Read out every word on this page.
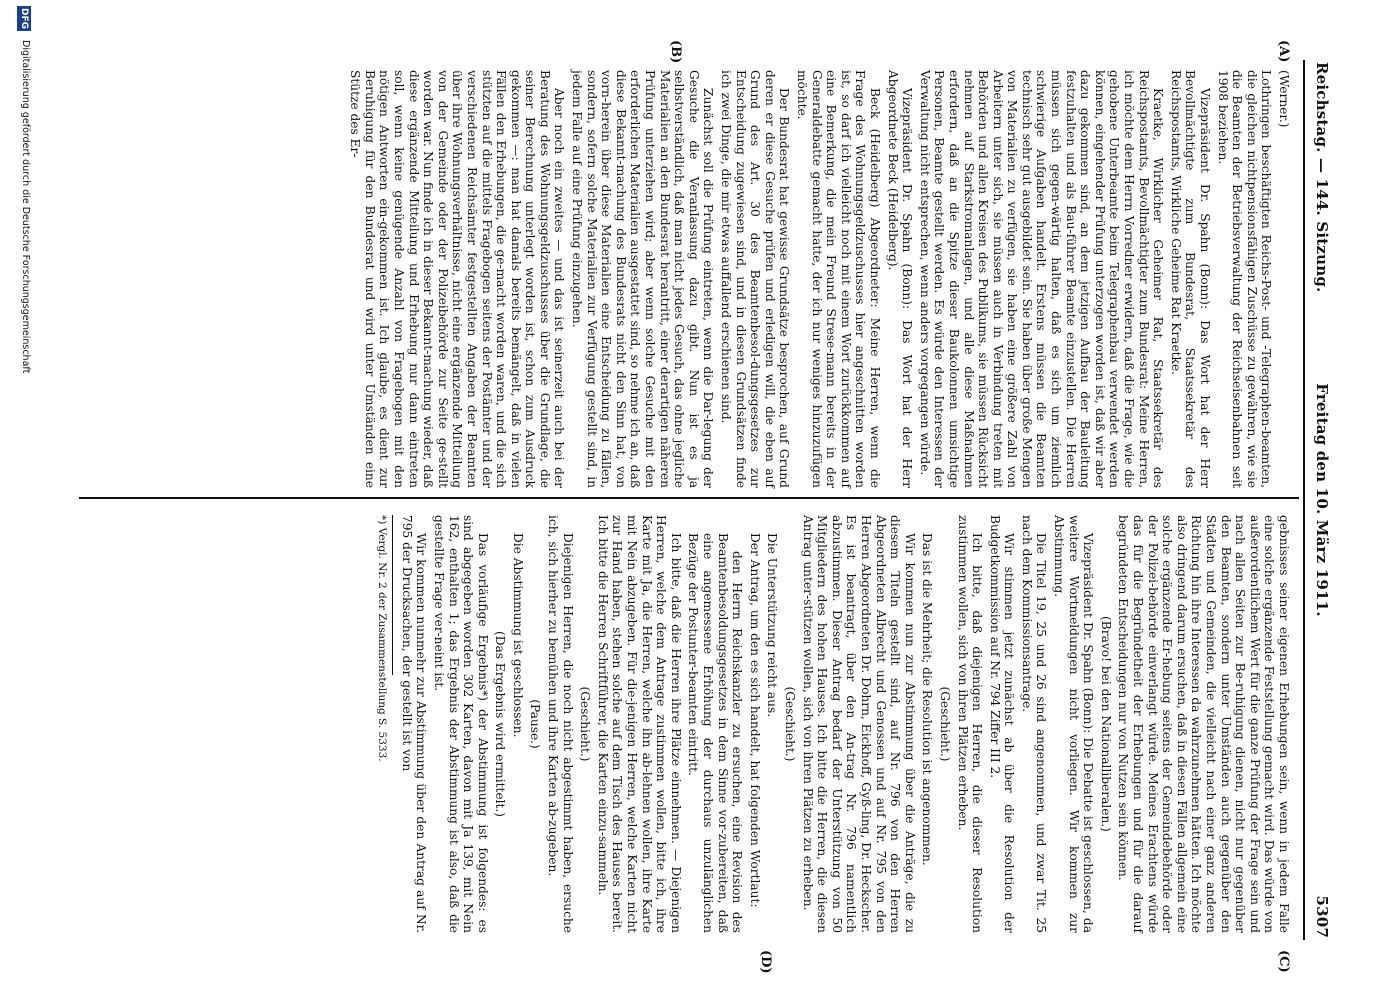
Reichstag. — 144. Sitzung.
Freitag den 10. März 1911.
5307
(A)
(B)
(C)
(D)

(Werner.)

Lothringen beschäftigten Reichs-Post- und -Telegraphen-beamten, die gleichen nichtpensionsfähigen Zuschüsse zu gewähren, wie sie die Beamten der Betriebsverwaltung der Reichseisenbahnen seit 1908 beziehen.

Vizepräsident Dr. Spahn (Bonn): Das Wort hat der Herr Bevollmächtigte zum Bundesrat, Staatssekretär des Reichspostamts, Wirkliche Geheime Rat Kraetke.

Kraetke, Wirklicher Geheimer Rat, Staatssekretär des Reichspostamts, Bevollmächtigter zum Bundesrat: Meine Herren, ich möchte dem Herrn Vorredner erwidern, daß die Frage, wie die gehobene Unterbeamte beim Telegraphenbau verwendet werden können, eingehender Prüfung unterzogen worden ist, daß wir aber dazu gekommen sind, an dem jetzigen Aufbau der Bauleitung festzuhalten und als Bau-führer Beamte einzustellen. Die Herren müssen sich gegen-wärtig halten, daß es sich um ziemlich schwierige Aufgaben handelt. Erstens müssen die Beamten technisch sehr gut ausgebildet sein. Sie haben über große Mengen von Materialien zu verfügen, sie haben eine größere Zahl von Arbeitern unter sich, sie müssen auch in Verbindung treten mit Behörden und allen Kreisen des Publikums, sie müssen Rücksicht nehmen auf Starkstromanlagen, und alle diese Maßnahmen erfordern, daß an die Spitze dieser Baukolonnen umsichtige Personen, Beamte gestellt werden. Es würde den Interessen der Verwaltung nicht entsprechen, wenn anders vorgegangen würde.

Vizepräsident Dr. Spahn (Bonn): Das Wort hat der Herr Abgeordnete Beck (Heidelberg).

Beck (Heidelberg) Abgeordneter: Meine Herren, wenn die Frage des Wohnungsgeldzuschusses hier angeschnitten worden ist, so darf ich vielleicht noch mit einem Wort zurückkommen auf eine Bemerkung, die mein Freund Strese-mann bereits in der Generaldebatte gemacht hatte, der ich nur weniges hinzuzufügen möchte.

Der Bundesrat hat gewisse Grundsätze besprochen, auf Grund deren er diese Gesuche prüfen und erledigen will, die eben auf Grund des Art. 30 des Beamtenbesol-dungsgesetzes zur Entscheidung zugewiesen sind, und in diesen Grundsätzen finde ich zwei Dinge, die mir etwas auffallend erschienen sind.

Zunächst soll die Prüfung eintreten, wenn die Dar-legung der Gesuche die Veranlassung dazu gibt. Nun ist es ja selbstverständlich, daß man nicht jedes Gesuch, das ohne jegliche Materialien an den Bundesrat herantritt, einer derartigen näheren Prüfung unterziehen wird; aber wenn solche Gesuche mit den erforderlichen Materialien ausgestattet sind, so nehme ich an, daß diese Bekannt-machung des Bundesrats nicht den Sinn hat, von vorn-herein über diese Materialien eine Entscheidung zu fällen, sondern, sofern solche Materialien zur Verfügung gestellt sind, in jedem Falle auf eine Prüfung einzugehen.

Aber noch ein zweites — und das ist seinerzeit auch bei der Beratung des Wohnungsgeldzuschusses über die Grundlage, die seiner Berechnung unterlegt worden ist, schon zum Ausdruck gekommen —: man hat damals bereits bemängelt, daß in vielen Fällen den Erhebungen, die ge-macht worden waren, und die sich stützten auf die mittels Fragebogen seitens der Postämter und der verschiedenen Reichsämter festgestellten Angaben der Beamten über ihre Wohnungsverhältnisse, nicht eine ergänzende Mitteilung von der Gemeinde oder der Polizeibehörde zur Seite ge-stellt worden war. Nun finde ich in dieser Bekannt-machung wieder, daß diese ergänzende Mitteilung und Erhebung nur dann eintreten soll, wenn keine genügende Anzahl von Fragebogen mit den nötigen Antworten ein-gekommen ist. Ich glaube, es dient zur Beruhigung für den Bundesrat und wird unter Umständen eine Stütze des Er-

gebnisses seiner eigenen Erhebungen sein, wenn in jedem Falle eine solche ergänzende Feststellung gemacht wird. Das würde von außerordentlichem Wert für die ganze Prüfung der Frage sein und nach allen Seiten zur Be-ruhigung dienen, nicht nur gegenüber den Beamten, sondern unter Umständen auch gegenüber den Städten und Gemeinden, die vielleicht nach einer ganz anderen Richtung hin ihre Interessen da wahrzunehmen hätten. Ich möchte also dringend darum ersuchen, daß in diesen Fällen allgemein eine solche ergänzende Er-hebung seitens der Gemeindebehörde oder der Polizei-behörde einverlangt würde. Meines Erachtens würde das für die Begründetheit der Erhebungen und für die darauf begründeten Entscheidungen nur von Nutzen sein können.

(Bravo! bei den Nationalliberalen.)

Vizepräsident Dr. Spahn (Bonn): Die Debatte ist geschlossen, da weitere Wortmeldungen nicht vorliegen. Wir kommen zur Abstimmung.

Die Titel 19, 25 und 26 sind angenommen, und zwar Tit. 25 nach dem Kommissionsantrage.

Wir stimmen jetzt zunächst ab über die Resolution der Budgetkommission auf Nr. 794 Ziffer III 2.

Ich bitte, daß diejenigen Herren, die dieser Resolution zustimmen wollen, sich von ihren Plätzen erheben.

(Geschieht.)

Das ist die Mehrheit; die Resolution ist angenommen.

Wir kommen nun zur Abstimmung über die Anträge, die zu diesem Titeln gestellt sind, auf Nr. 796 von den Herren Abgeordneten Albrecht und Genossen und auf Nr. 795 von den Herren Abgeordneten Dr. Dohrn, Eickhoff, Gyß-ling, Dr. Heckscher. Es ist beantragt, über den An-trag Nr. 796 namentlich abzustimmen. Dieser Antrag bedarf der Unterstützung von 50 Mitgliedern des hohen Hauses. Ich bitte die Herren, die diesen Antrag unter-stützen wollen, sich von ihren Plätzen zu erheben.

(Geschieht.)

Die Unterstützung reicht aus.

Der Antrag, um den es sich handelt, hat folgenden Wortlaut:

den Herrn Reichskanzler zu ersuchen, eine Revision des Beamtenbesoldungsgesetzes in dem Sinne vor-zubereiten, daß eine angemessene Erhöhung der durchaus unzulänglichen Bezüge der Postunter-beamten eintritt.

Ich bitte, daß die Herren ihre Plätze einnehmen. — Diejenigen Herren, welche dem Antrage zustimmen wollen, bitte ich, ihre Karte mit Ja, die Herren, welche ihn ab-lehnen wollen, ihre Karte mit Nein abzugeben. Für die-jenigen Herren, welche Karten nicht zur Hand haben, stehen solche auf dem Tisch des Hauses bereit. Ich bitte die Herren Schriftführer, die Karten einzu-sammeln.

(Geschieht.)

Diejenigen Herren, die noch nicht abgestimmt haben, ersuche ich, sich hierher zu bemühen und ihre Karten ab-zugeben.

(Pause.)

Die Abstimmung ist geschlossen.

(Das Ergebnis wird ermittelt.)

Das vorläufige Ergebnis*) der Abstimmung ist folgendes: es sind abgegeben worden 302 Karten, davon mit Ja 139, mit Nein 162, enthalten 1; das Ergebnis der Abstimmung ist also, daß die gestellte Frage ver-neint ist.

Wir kommen nunmehr zur Abstimmung über den Antrag auf Nr. 795 der Drucksachen, der gestellt ist von

*) Vergl. Nr. 2 der Zusammenstellung S. 5333.
DFG
Digitalisierung gefördert durch die Deutsche Forschungsgemeinschaft
